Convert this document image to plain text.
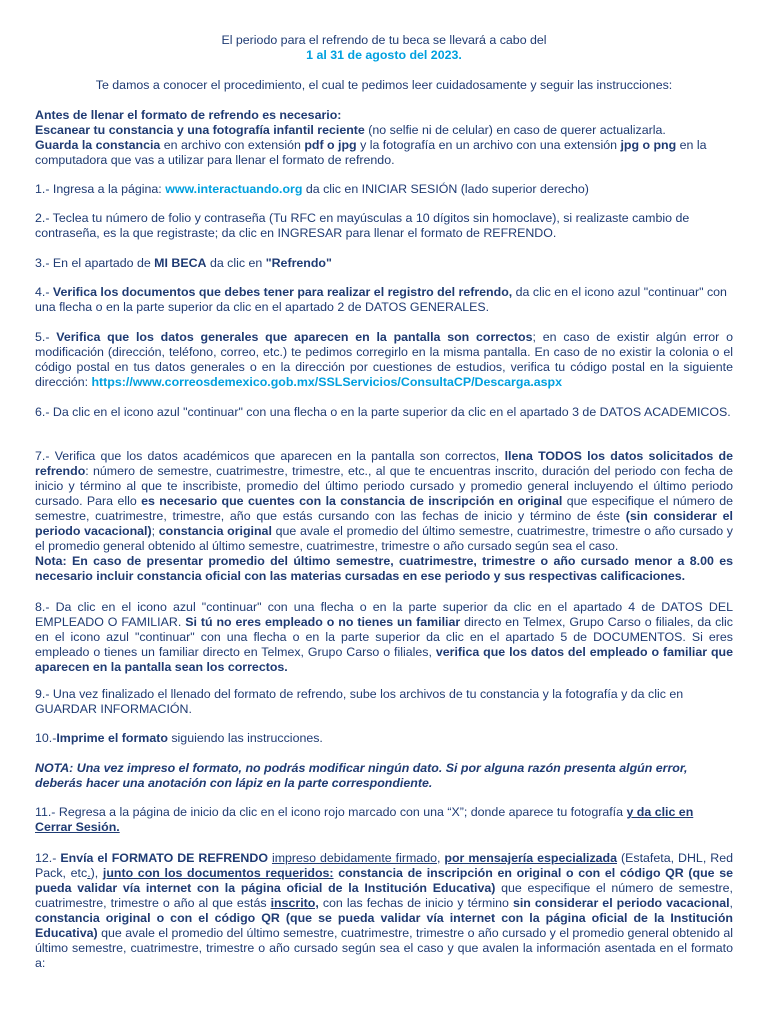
El periodo para el refrendo de tu beca se llevará a cabo del
1 al 31 de agosto del 2023.

Te damos a conocer el procedimiento, el cual te pedimos leer cuidadosamente y seguir las instrucciones:

Antes de llenar el formato de refrendo es necesario:
Escanear tu constancia y una fotografía infantil reciente (no selfie ni de celular) en caso de querer actualizarla.
Guarda la constancia en archivo con extensión pdf o jpg y la fotografía en un archivo con una extensión jpg o png en la computadora que vas a utilizar para llenar el formato de refrendo.

1.- Ingresa a la página: www.interactuando.org da clic en INICIAR SESIÓN (lado superior derecho)

2.- Teclea tu número de folio y contraseña (Tu RFC en mayúsculas a 10 dígitos sin homoclave), si realizaste cambio de contraseña, es la que registraste; da clic en INGRESAR para llenar el formato de REFRENDO.

3.- En el apartado de MI BECA da clic en "Refrendo"

4.- Verifica los documentos que debes tener para realizar el registro del refrendo, da clic en el icono azul "continuar" con una flecha o en la parte superior da clic en el apartado 2 de DATOS GENERALES.

5.- Verifica que los datos generales que aparecen en la pantalla son correctos; en caso de existir algún error o modificación (dirección, teléfono, correo, etc.) te pedimos corregirlo en la misma pantalla. En caso de no existir la colonia o el código postal en tus datos generales o en la dirección por cuestiones de estudios, verifica tu código postal en la siguiente dirección: https://www.correosdemexico.gob.mx/SSLServicios/ConsultaCP/Descarga.aspx

6.- Da clic en el icono azul "continuar" con una flecha o en la parte superior da clic en el apartado 3 de DATOS ACADEMICOS.

7.- Verifica que los datos académicos que aparecen en la pantalla son correctos, llena TODOS los datos solicitados de refrendo: número de semestre, cuatrimestre, trimestre, etc., al que te encuentras inscrito, duración del periodo con fecha de inicio y término al que te inscribiste, promedio del último periodo cursado y promedio general incluyendo el último periodo cursado. Para ello es necesario que cuentes con la constancia de inscripción en original que especifique el número de semestre, cuatrimestre, trimestre, año que estás cursando con las fechas de inicio y término de éste (sin considerar el periodo vacacional); constancia original que avale el promedio del último semestre, cuatrimestre, trimestre o año cursado y el promedio general obtenido al último semestre, cuatrimestre, trimestre o año cursado según sea el caso.
Nota: En caso de presentar promedio del último semestre, cuatrimestre, trimestre o año cursado menor a 8.00 es necesario incluir constancia oficial con las materias cursadas en ese periodo y sus respectivas calificaciones.

8.- Da clic en el icono azul "continuar" con una flecha o en la parte superior da clic en el apartado 4 de DATOS DEL EMPLEADO O FAMILIAR. Si tú no eres empleado o no tienes un familiar directo en Telmex, Grupo Carso o filiales, da clic en el icono azul "continuar" con una flecha o en la parte superior da clic en el apartado 5 de DOCUMENTOS. Si eres empleado o tienes un familiar directo en Telmex, Grupo Carso o filiales, verifica que los datos del empleado o familiar que aparecen en la pantalla sean los correctos.

9.- Una vez finalizado el llenado del formato de refrendo, sube los archivos de tu constancia y la fotografía y da clic en GUARDAR INFORMACIÓN.

10.-Imprime el formato siguiendo las instrucciones.

NOTA: Una vez impreso el formato, no podrás modificar ningún dato. Si por alguna razón presenta algún error, deberás hacer una anotación con lápiz en la parte correspondiente.

11.- Regresa a la página de inicio da clic en el icono rojo marcado con una “X”; donde aparece tu fotografía y da clic en Cerrar Sesión.

12.- Envía el FORMATO DE REFRENDO impreso debidamente firmado, por mensajería especializada (Estafeta, DHL, Red Pack, etc.), junto con los documentos requeridos: constancia de inscripción en original o con el código QR (que se pueda validar vía internet con la página oficial de la Institución Educativa) que especifique el número de semestre, cuatrimestre, trimestre o año al que estás inscrito, con las fechas de inicio y término sin considerar el periodo vacacional, constancia original o con el código QR (que se pueda validar vía internet con la página oficial de la Institución Educativa) que avale el promedio del último semestre, cuatrimestre, trimestre o año cursado y el promedio general obtenido al último semestre, cuatrimestre, trimestre o año cursado según sea el caso y que avalen la información asentada en el formato a:
